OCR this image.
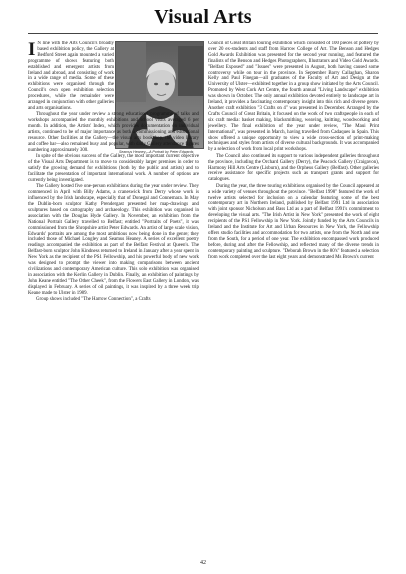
Visual Arts
Seamus Heaney—A Portrait by Peter Edwards

I N line with the Arts Council's broadly based exhibition policy, the Gallery at Bedford Street again mounted a varied programme of shows featuring both established and emergent artists from Ireland and abroad, and consisting of work in a wide range of media. Some of these exhibitions were organised through the Council's own open exhibition selection procedures, while the remainder were arranged in conjunction with other galleries and arts organisations.

Throughout the year under review a strong educational programme of talks and workshops accompanied the monthly exhibitions and school visits averaged 6 per month. In addition, the Artists' Index, which provides documentation on individual artists, continued to be of major importance as both a commissioning and educational resource. Other facilities at the Gallery—the visual arts bookshop, the video library and coffee bar—also remained busy and popular, with daily Gallery attendance figures numbering approximately 300.

In spite of the obvious success of the Gallery, the most important current objective of the Visual Arts Department is to move to considerably larger premises in order to satisfy the growing demand for exhibitions (both by the public and artists) and to facilitate the presentation of important international work. A number of options are currently being investigated.

The Gallery hosted five one-person exhibitions during the year under review. They commenced in April with Billy Adams, a craneswick from Derry whose work is influenced by the Irish landscape, especially that of Donegal and Connemara. In May the Dublin-born sculptor Kathy Prendergast presented her map-drawings and sculptures based on cartography and archaeology. This exhibition was organised in association with the Douglas Hyde Gallery. In November, an exhibition from the National Portrait Gallery travelled to Belfast; entitled "Portraits of Poets", it was commissioned from the Shropshire artist Peter Edwards. An artist of large scale vision, Edwards' portraits are among the most ambitious now being done in the genre; they included those of Michael Longley and Seamus Heaney. A series of excellent poetry readings accompanied the exhibition as part of the Belfast Festival at Queen's. The Belfast-born sculptor John Kindness returned to Ireland in January after a year spent in New York as the recipient of the PS1 Fellowship, and his powerful body of new work was designed to prompt the viewer into making comparisons between ancient civilizations and contemporary American culture. This solo exhibition was organised in association with the Kerlin Gallery in Dublin. Finally, an exhibition of paintings by John Keane entitled "The Other Cheek", from the Flowers East Gallery in London, was displayed in February. A series of oil paintings, it was inspired by a three week trip Keane made to Ulster in 1989.

Group shows included "The Harrow Connection", a Crafts

Council of Great Britain touring exhibition which consisted of 100 pieces of pottery by over 20 ex-students and staff from Harrow College of Art. The Benson and Hedges Gold Awards Exhibition was presented for the second year running, and featured the finalists of the Benson and Hedges Photographers, Illustrators and Video Gold Awards. "Belfast Exposed" and "Issues" were presented in August, both having caused some controversy while on tour in the province. In September Barry Callaghan, Sharon Kelly and Paul Finegan—all graduates of the Faculty of Art and Design at the University of Ulster—exhibited together in a group show initiated by the Arts Council. Promoted by West Cork Art Centre, the fourth annual "Living Landscape" exhibition was shown in October. The only annual exhibition devoted entirely to landscape art in Ireland, it provides a fascinating contemporary insight into this rich and diverse genre. Another craft exhibition "3 Crafts on 4" was presented in December. Arranged by the Crafts Council of Great Britain, it focused on the work of two craftspeople in each of six craft media: basket making, blacksmithing, weaving, knitting, woodworking and jewellery. The final exhibition of the year under review, "The Maui Print International", was presented in March, having travelled from Cadaques in Spain. This show offered a unique opportunity to view a wide cross-section of print-making techniques and styles from artists of diverse cultural backgrounds. It was accompanied by a selection of work from local print workshops.

The Council also continued its support to various independent galleries throughout the province, including the Orchard Gallery (Derry), the Peacock Gallery (Craigavon), Harmony Hill Arts Centre (Lisburn), and the Orpheus Gallery (Belfast). Other galleries receive assistance for specific projects such as transport grants and support for catalogues.

During the year, the three touring exhibitions organised by the Council appeared at a wide variety of venues throughout the province. "Belfast 1998" featured the work of twelve artists selected for inclusion on a calendar featuring some of the best contemporary art in Northern Ireland, published by Belfast 1991 Ltd in association with joint sponsor Nicholson and Bass Ltd as a part of Belfast 1991's commitment to developing the visual arts. "The Irish Artist in New York" presented the work of eight recipients of the PS1 Fellowship in New York. Jointly funded by the Arts Councils in Ireland and the Institute for Art and Urban Resources in New York, the Fellowship offers studio facilities and accommodation for two artists, one from the North and one from the South, for a period of one year. The exhibition encompassed work produced before, during and after the Fellowship, and reflected many of the diverse trends in contemporary painting and sculpture. "Deborah Brown in the 80's" featured a selection from work completed over the last eight years and demonstrated Ms Brown's current

42
